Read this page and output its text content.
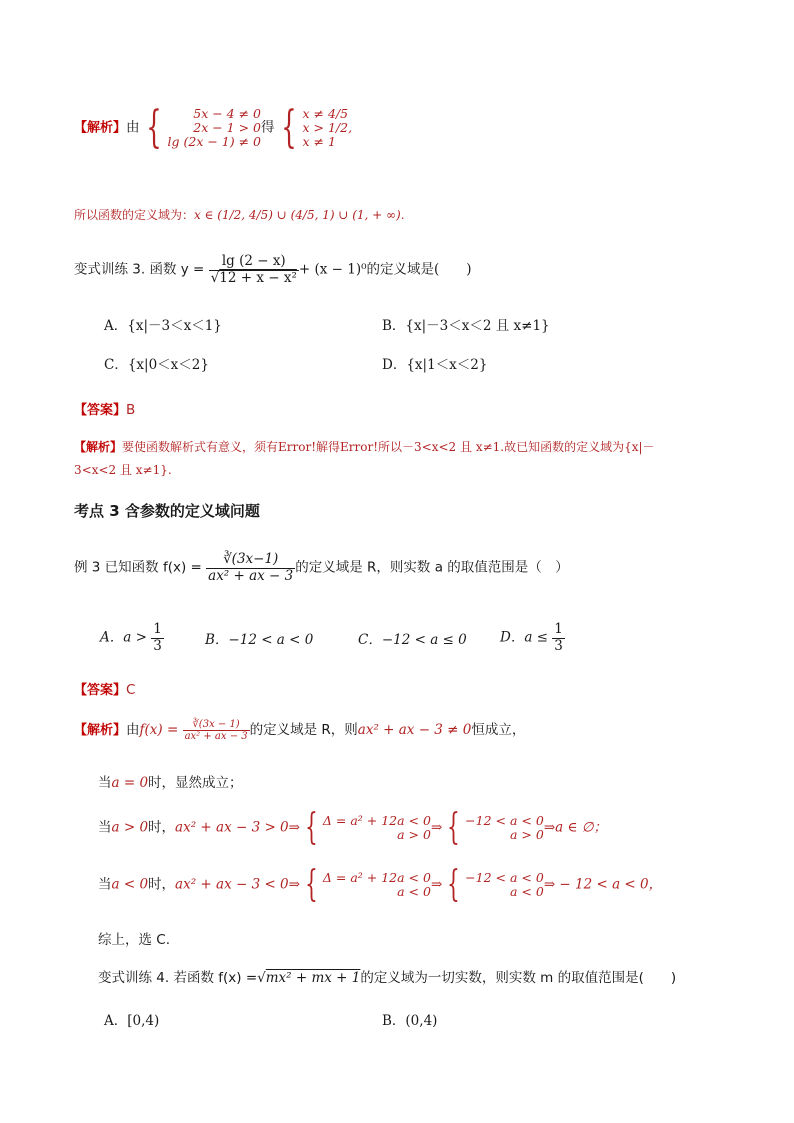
【解析】由 {	5x − 4 ≠ 0
2x − 1 > 0
lg (2x − 1) ≠ 0
得 { x ≠ 4/5
x > 1/2,
x ≠ 1
所以函数的定义域为：x ∈ (1/2, 4/5) ∪ (4/5, 1) ∪ (1, + ∞).
变式训练 3. 函数 $y = \frac{\lg (2 - x)}{\text{√12 + x − x²}} + (x - 1)^0$的定义域是(　　)
A．{x|－3＜x＜1}	B．{x|－3＜x＜2 且 x≠1}
C．{x|0＜x＜2}	D．{x|1＜x＜2}
【答案】B
【解析】要使函数解析式有意义，须有Error!解得Error!所以－3<x<2 且 x≠1.故已知函数的定义域为{x|－
3<x<2 且 x≠1}.
考点 3 含参数的定义域问题
例 3 已知函数 $f(x) = \frac{∛(3x-1)}{\text{ax² + ax − 3}}$ 的定义域是 R，则实数 a 的取值范围是（　）
A．$a > \frac{1}{3}$	B．−12 < a < 0	C．−12 < a ≤ 0 D．$a \le \frac{1}{3}$
【答案】C
【解析】由$f(x) = \frac{∛(3x - 1)}{\text{ax² + ax − 3}}$ 的定义域是 R，则ax² + ax − 3 ≠ 0恒成立，
当a = 0时，显然成立；
当a > 0时，ax² + ax − 3 > 0⇒ { Δ = a² + 12a < 0
a > 0 ⇒ { −12 < a < 0
a > 0 ⇒a ∈ ∅；
当a < 0时，ax² + ax − 3 < 0⇒ { Δ = a² + 12a < 0
a < 0 ⇒ { −12 < a < 0
a < 0 ⇒ − 12 < a < 0，
综上，选 C.
变式训练 4. 若函数 f(x) =√mx² + mx + 1的定义域为一切实数，则实数 m 的取值范围是(　　)
A．[0,4)	B．(0,4)
